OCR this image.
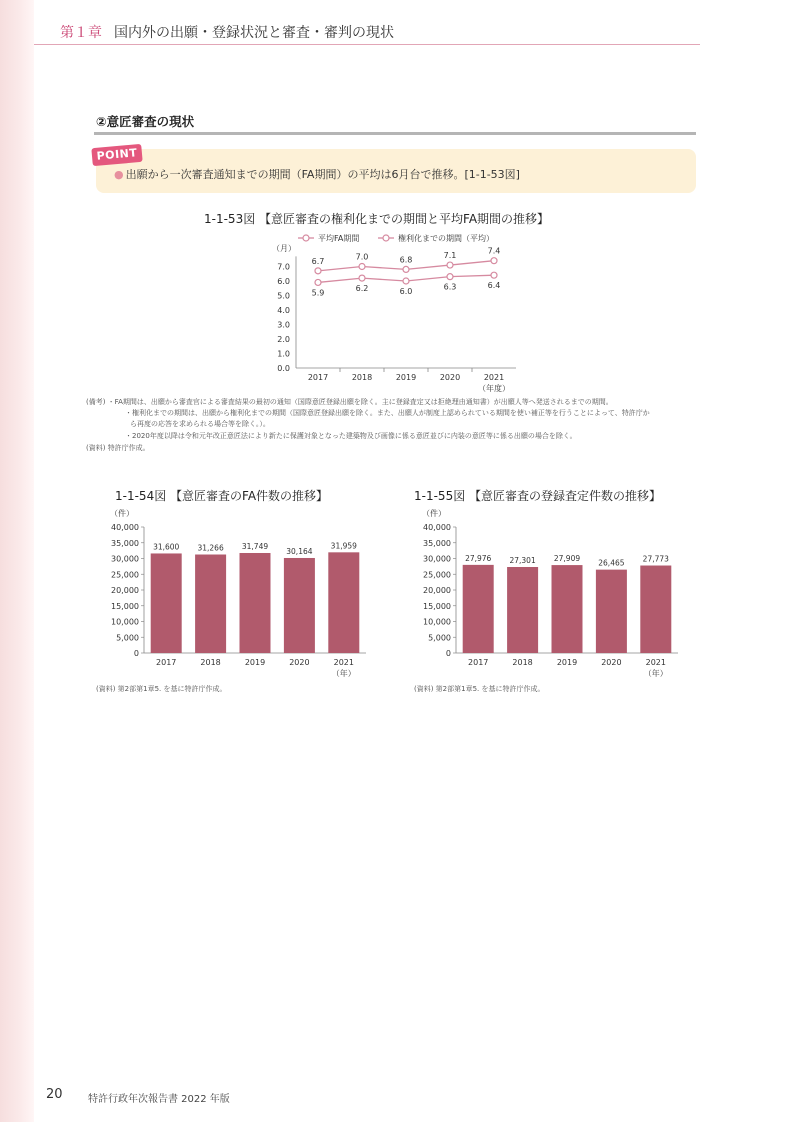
第１章 国内外の出願・登録状況と審査・審判の現状
②意匠審査の現状
POINT
● 出願から一次審査通知までの期間（FA期間）の平均は6月台で推移。[1-1-53図]
1-1-53図 【意匠審査の権利化までの期間と平均FA期間の推移】
0.0
1.0
2.0
3.0
4.0
5.0
6.0
7.0
（月）
2017	2018	2019	2020	2021
（年度）
5.9	6.2	6.0	6.3	6.4
6.7	7.0	6.8	7.1	7.4
平均FA期間	権利化までの期間（平均）
1-1-54図 【意匠審査のFA件数の推移】
0
5,000
10,000
15,000
20,000
25,000
30,000
35,000
40,000
（件）
31,600
2017
31,266
2018
31,749
2019
30,164
2020
31,959
2021
（年）
1-1-55図 【意匠審査の登録査定件数の推移】
0
5,000
10,000
15,000
20,000
25,000
30,000
35,000
40,000
（件）
27,976
2017
27,301
2018
27,909
2019
26,465
2020
27,773
2021
（年）
(備考) ・FA期間は、出願から審査官による審査結果の最初の通知（国際意匠登録出願を除く。主に登録査定又は拒絶理由通知書）が出願人等へ発送されるまでの期間。
・権利化までの期間は、出願から権利化までの期間（国際意匠登録出願を除く。また、出願人が制度上認められている期間を使い補正等を行うことによって、特許庁か
ら再度の応答を求められる場合等を除く。）。
・2020年度以降は令和元年改正意匠法により新たに保護対象となった建築物及び画像に係る意匠並びに内装の意匠等に係る出願の場合を除く。
(資料) 特許庁作成。
(資料) 第2部第1章5. を基に特許庁作成。	(資料) 第2部第1章5. を基に特許庁作成。
20	特許行政年次報告書 2022 年版
